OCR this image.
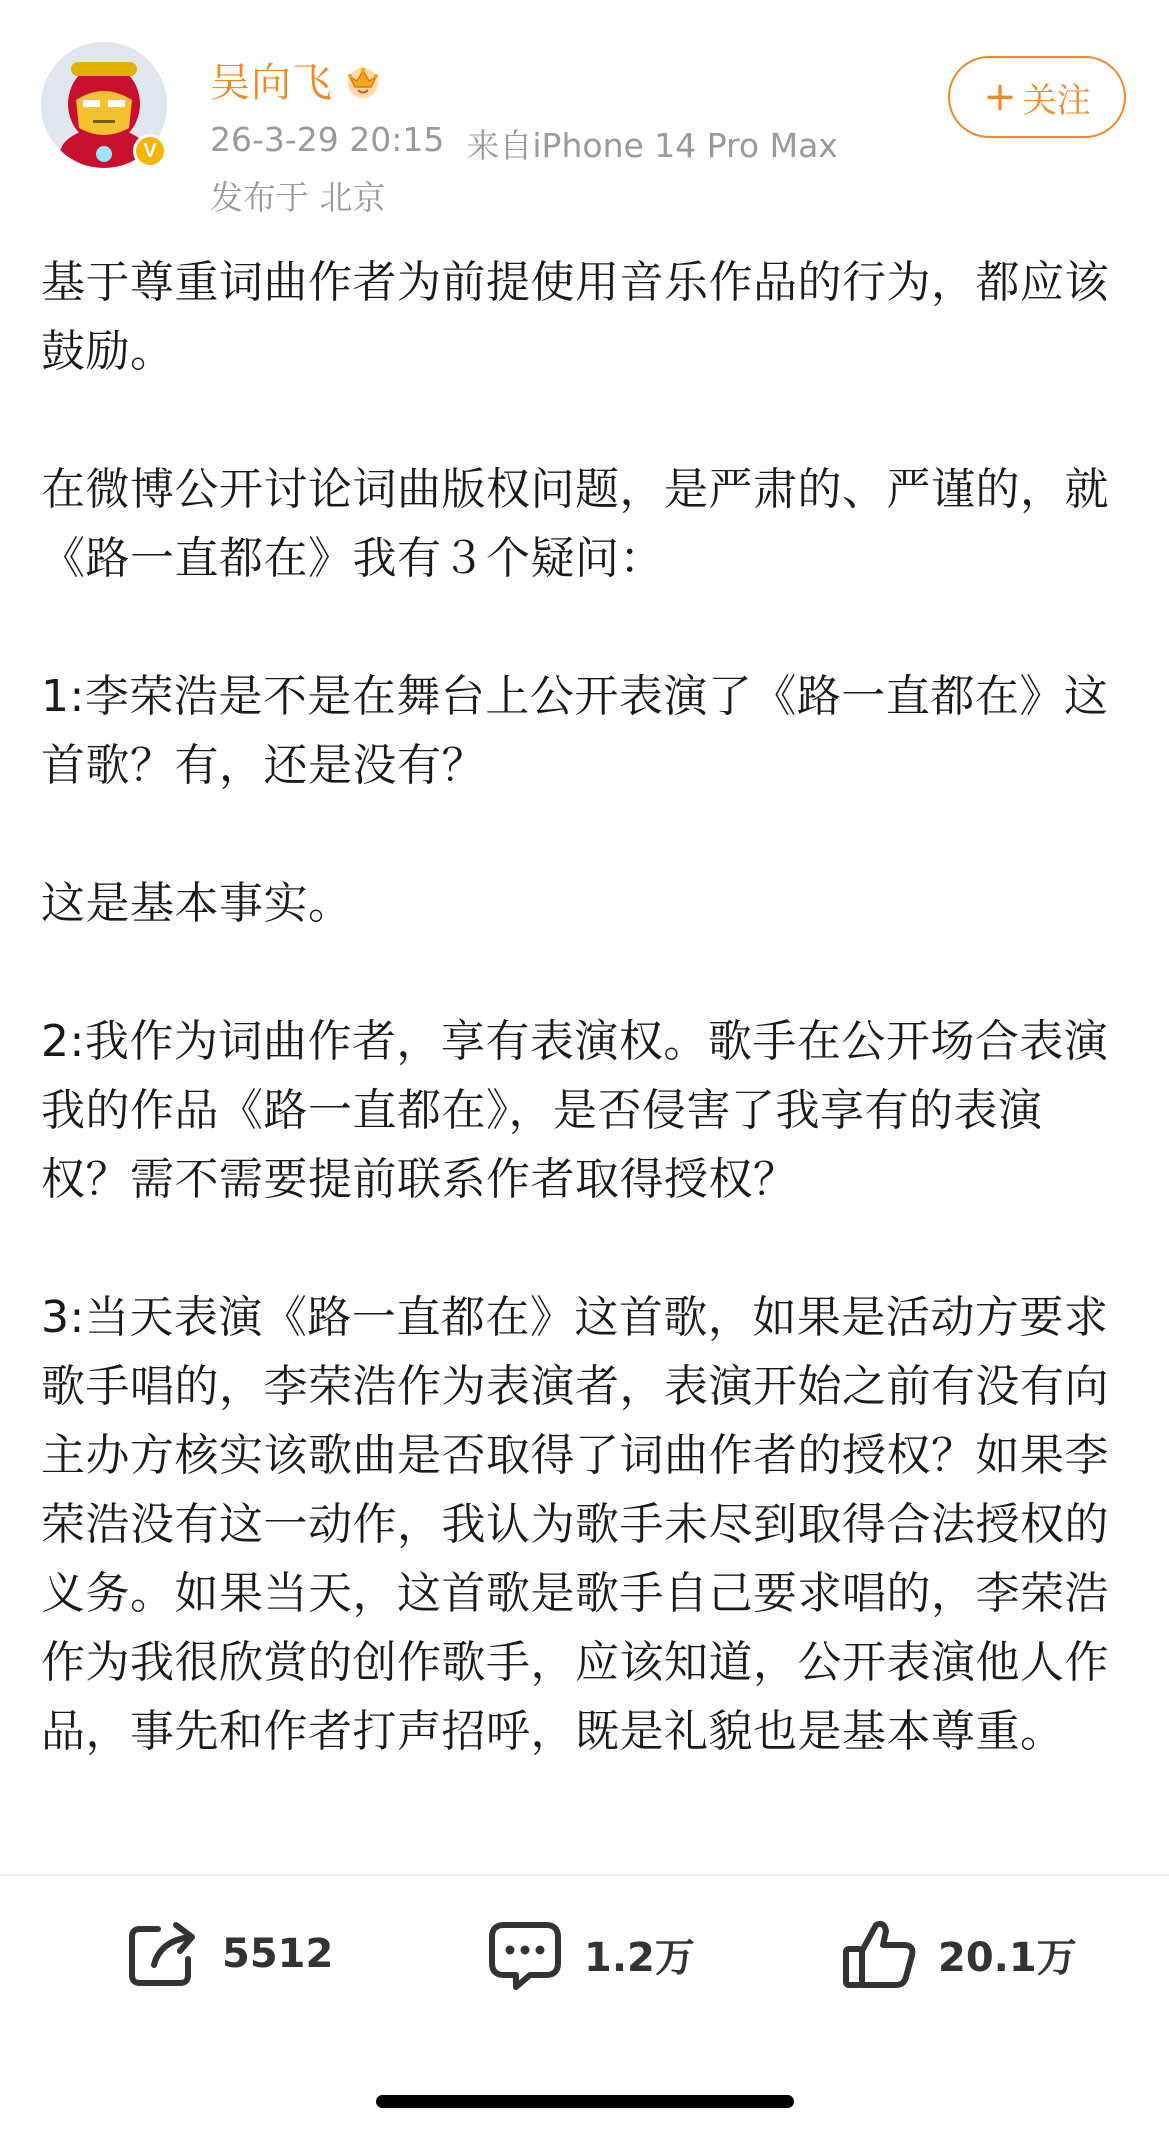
V
吴向飞
26-3-29 20:15 来自iPhone 14 Pro Max
发布于 北京
+ 关注

基于尊重词曲作者为前提使用音乐作品的行为，都应该鼓励。

在微博公开讨论词曲版权问题，是严肃的、严谨的，就《路一直都在》我有３个疑问：

1:李荣浩是不是在舞台上公开表演了《路一直都在》这首歌？有，还是没有？

这是基本事实。

2:我作为词曲作者，享有表演权。歌手在公开场合表演我的作品《路一直都在》，是否侵害了我享有的表演权？需不需要提前联系作者取得授权？

3:当天表演《路一直都在》这首歌，如果是活动方要求歌手唱的，李荣浩作为表演者，表演开始之前有没有向主办方核实该歌曲是否取得了词曲作者的授权？如果李荣浩没有这一动作，我认为歌手未尽到取得合法授权的义务。如果当天，这首歌是歌手自己要求唱的，李荣浩作为我很欣赏的创作歌手，应该知道，公开表演他人作品，事先和作者打声招呼，既是礼貌也是基本尊重。

5512	1.2万	20.1万
